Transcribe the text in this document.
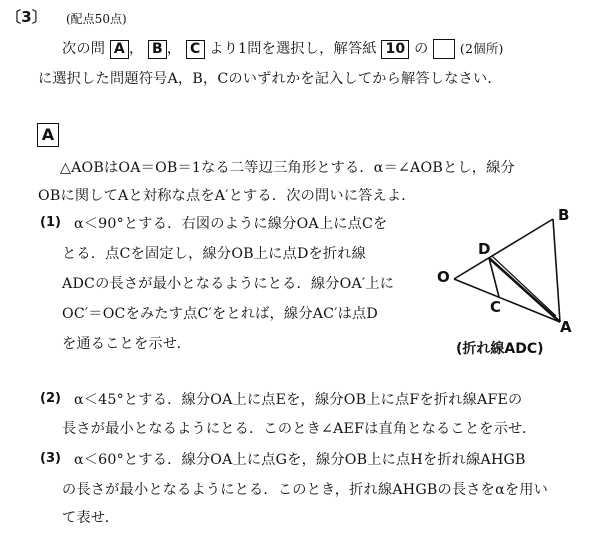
〔3〕 (配点50点)
次の問 A ， B ， C より1問を選択し，解答紙 10 の	(2個所)
に選択した問題符号A，B，Cのいずれかを記入してから解答しなさい．
A
△AOBはOA＝OB＝1なる二等辺三角形とする．α＝∠AOBとし，線分
OBに関してAと対称な点をA′とする．次の問いに答えよ．
(1) α＜90°とする．右図のように線分OA上に点Cを
とる．点Cを固定し，線分OB上に点Dを折れ線
ADCの長さが最小となるようにとる．線分OA′上に
OC′＝OCをみたす点C′をとれば，線分AC′は点D
を通ることを示せ．
B
D
O
C
A
(折れ線ADC)
(2) α＜45°とする．線分OA上に点Eを，線分OB上に点Fを折れ線AFEの
長さが最小となるようにとる．このとき∠AEFは直角となることを示せ．
(3) α＜60°とする．線分OA上に点Gを，線分OB上に点Hを折れ線AHGB
の長さが最小となるようにとる．このとき，折れ線AHGBの長さをαを用い
て表せ．
